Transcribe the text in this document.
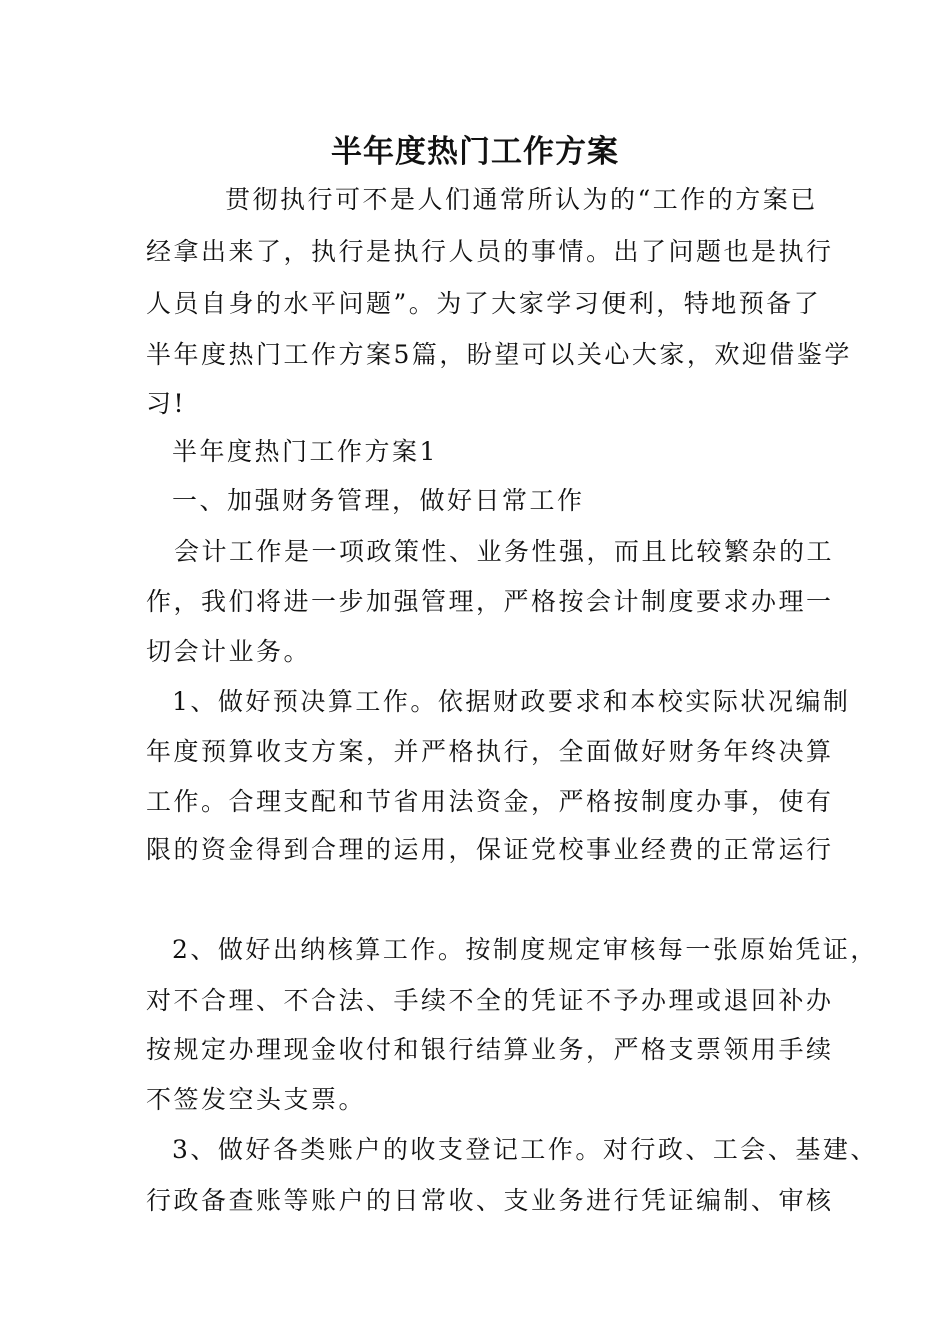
半年度热门工作方案
贯彻执行可不是人们通常所认为的“工作的方案已
经拿出来了，执行是执行人员的事情。出了问题也是执行
人员自身的水平问题”。为了大家学习便利，特地预备了
半年度热门工作方案5篇，盼望可以关心大家，欢迎借鉴学
习!
半年度热门工作方案1
一、加强财务管理，做好日常工作
会计工作是一项政策性、业务性强，而且比较繁杂的工
作，我们将进一步加强管理，严格按会计制度要求办理一
切会计业务。
1、做好预决算工作。依据财政要求和本校实际状况编制
年度预算收支方案，并严格执行，全面做好财务年终决算
工作。合理支配和节省用法资金，严格按制度办事，使有
限的资金得到合理的运用，保证党校事业经费的正常运行
2、做好出纳核算工作。按制度规定审核每一张原始凭证，
对不合理、不合法、手续不全的凭证不予办理或退回补办
按规定办理现金收付和银行结算业务，严格支票领用手续
不签发空头支票。
3、做好各类账户的收支登记工作。对行政、工会、基建、
行政备查账等账户的日常收、支业务进行凭证编制、审核
